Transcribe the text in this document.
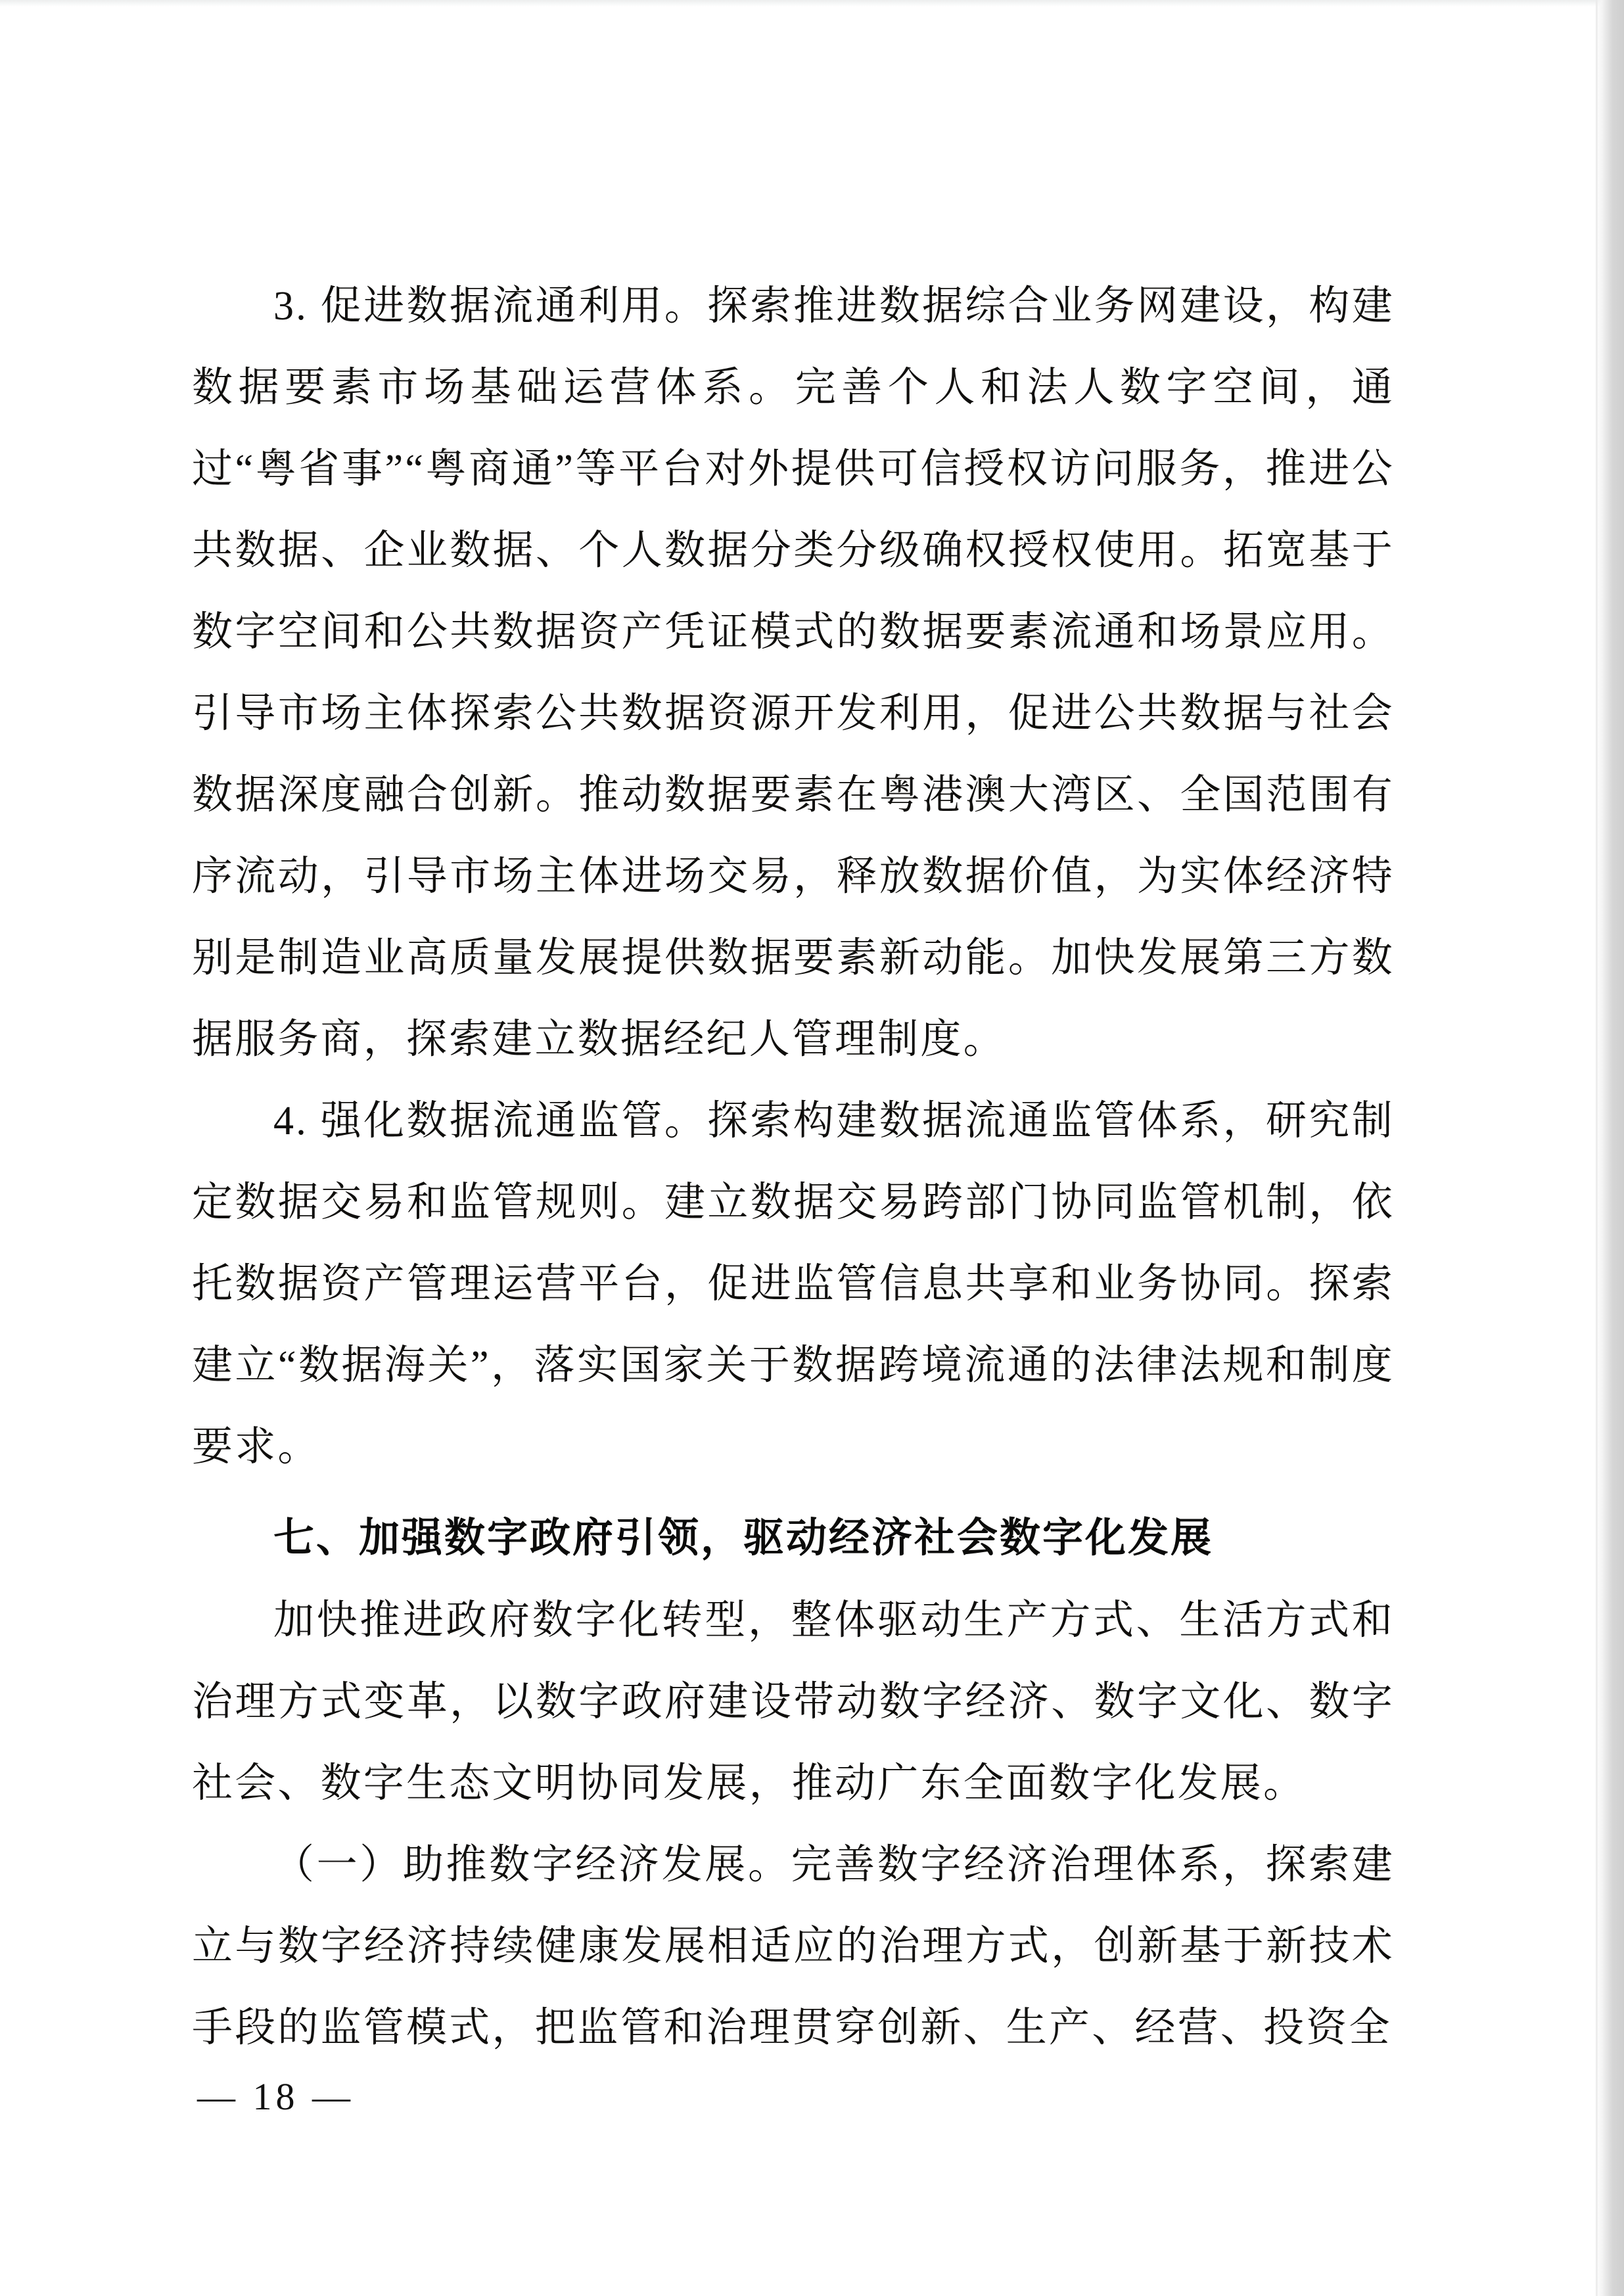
3. 促进数据流通利用。探索推进数据综合业务网建设，构建数据要素市场基础运营体系。完善个人和法人数字空间，通过“粤省事”“粤商通”等平台对外提供可信授权访问服务，推进公共数据、企业数据、个人数据分类分级确权授权使用。拓宽基于数字空间和公共数据资产凭证模式的数据要素流通和场景应用。引导市场主体探索公共数据资源开发利用，促进公共数据与社会数据深度融合创新。推动数据要素在粤港澳大湾区、全国范围有序流动，引导市场主体进场交易，释放数据价值，为实体经济特别是制造业高质量发展提供数据要素新动能。加快发展第三方数据服务商，探索建立数据经纪人管理制度。

4. 强化数据流通监管。探索构建数据流通监管体系，研究制定数据交易和监管规则。建立数据交易跨部门协同监管机制，依托数据资产管理运营平台，促进监管信息共享和业务协同。探索建立“数据海关”，落实国家关于数据跨境流通的法律法规和制度要求。

七、加强数字政府引领，驱动经济社会数字化发展

加快推进政府数字化转型，整体驱动生产方式、生活方式和治理方式变革，以数字政府建设带动数字经济、数字文化、数字社会、数字生态文明协同发展，推动广东全面数字化发展。

（一）助推数字经济发展。完善数字经济治理体系，探索建立与数字经济持续健康发展相适应的治理方式，创新基于新技术手段的监管模式，把监管和治理贯穿创新、生产、经营、投资全

— 18 —
